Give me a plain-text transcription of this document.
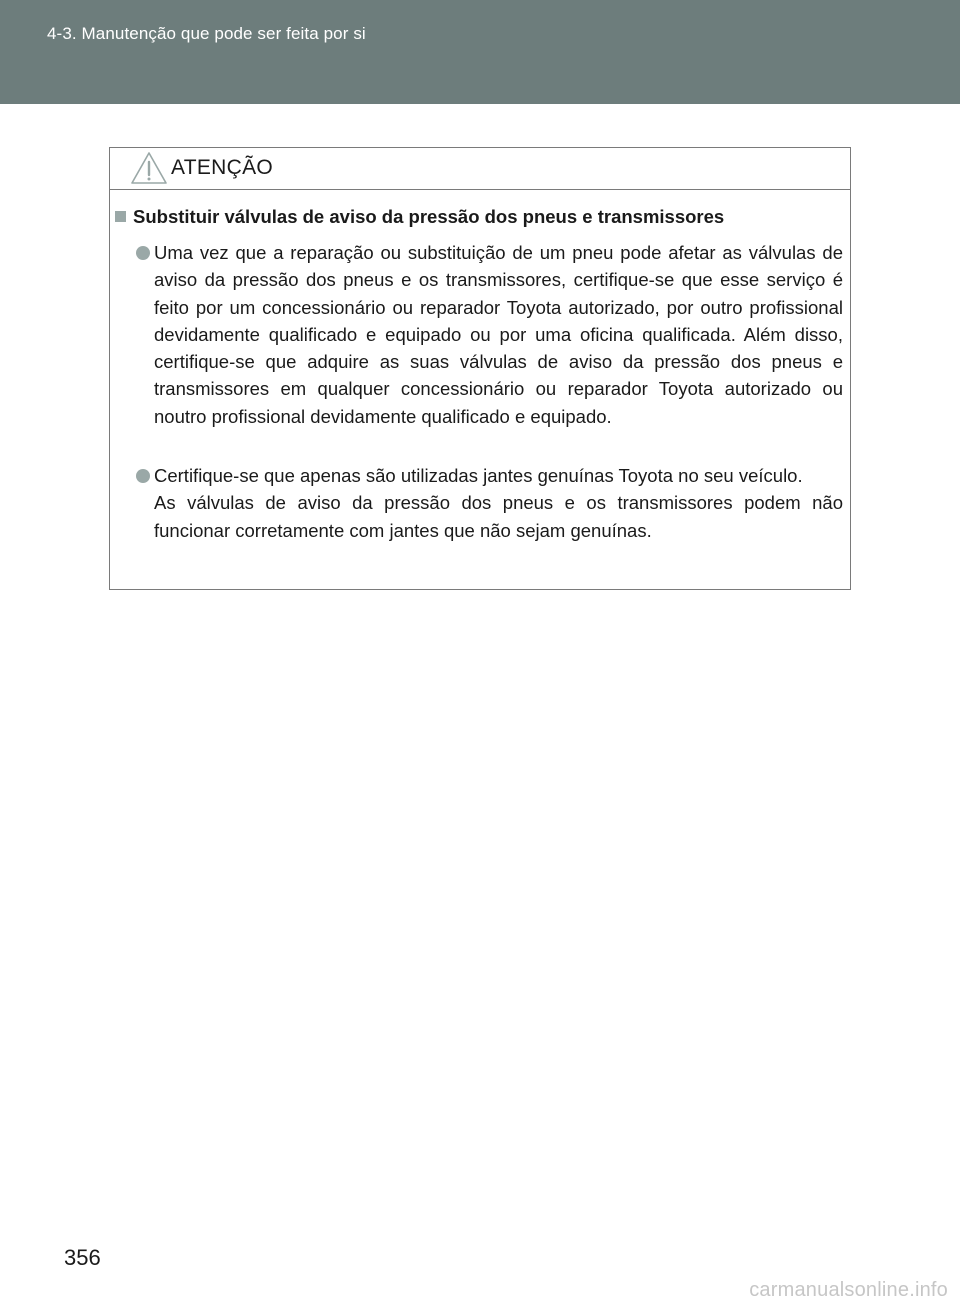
4-3. Manutenção que pode ser feita por si
ATENÇÃO
Substituir válvulas de aviso da pressão dos pneus e transmissores

Uma vez que a reparação ou substituição de um pneu pode afetar as válvulas de aviso da pressão dos pneus e os transmissores, certifique-se que esse serviço é feito por um concessionário ou reparador Toyota autorizado, por outro profissional devidamente qualificado e equipado ou por uma oficina qualificada. Além disso, certifique-se que adquire as suas válvulas de aviso da pressão dos pneus e transmissores em qualquer concessionário ou reparador Toyota autorizado ou noutro profissional devidamente qualificado e equipado.

Certifique-se que apenas são utilizadas jantes genuínas Toyota no seu veículo.

As válvulas de aviso da pressão dos pneus e os transmissores podem não funcionar corretamente com jantes que não sejam genuínas.

356
carmanualsonline.info
